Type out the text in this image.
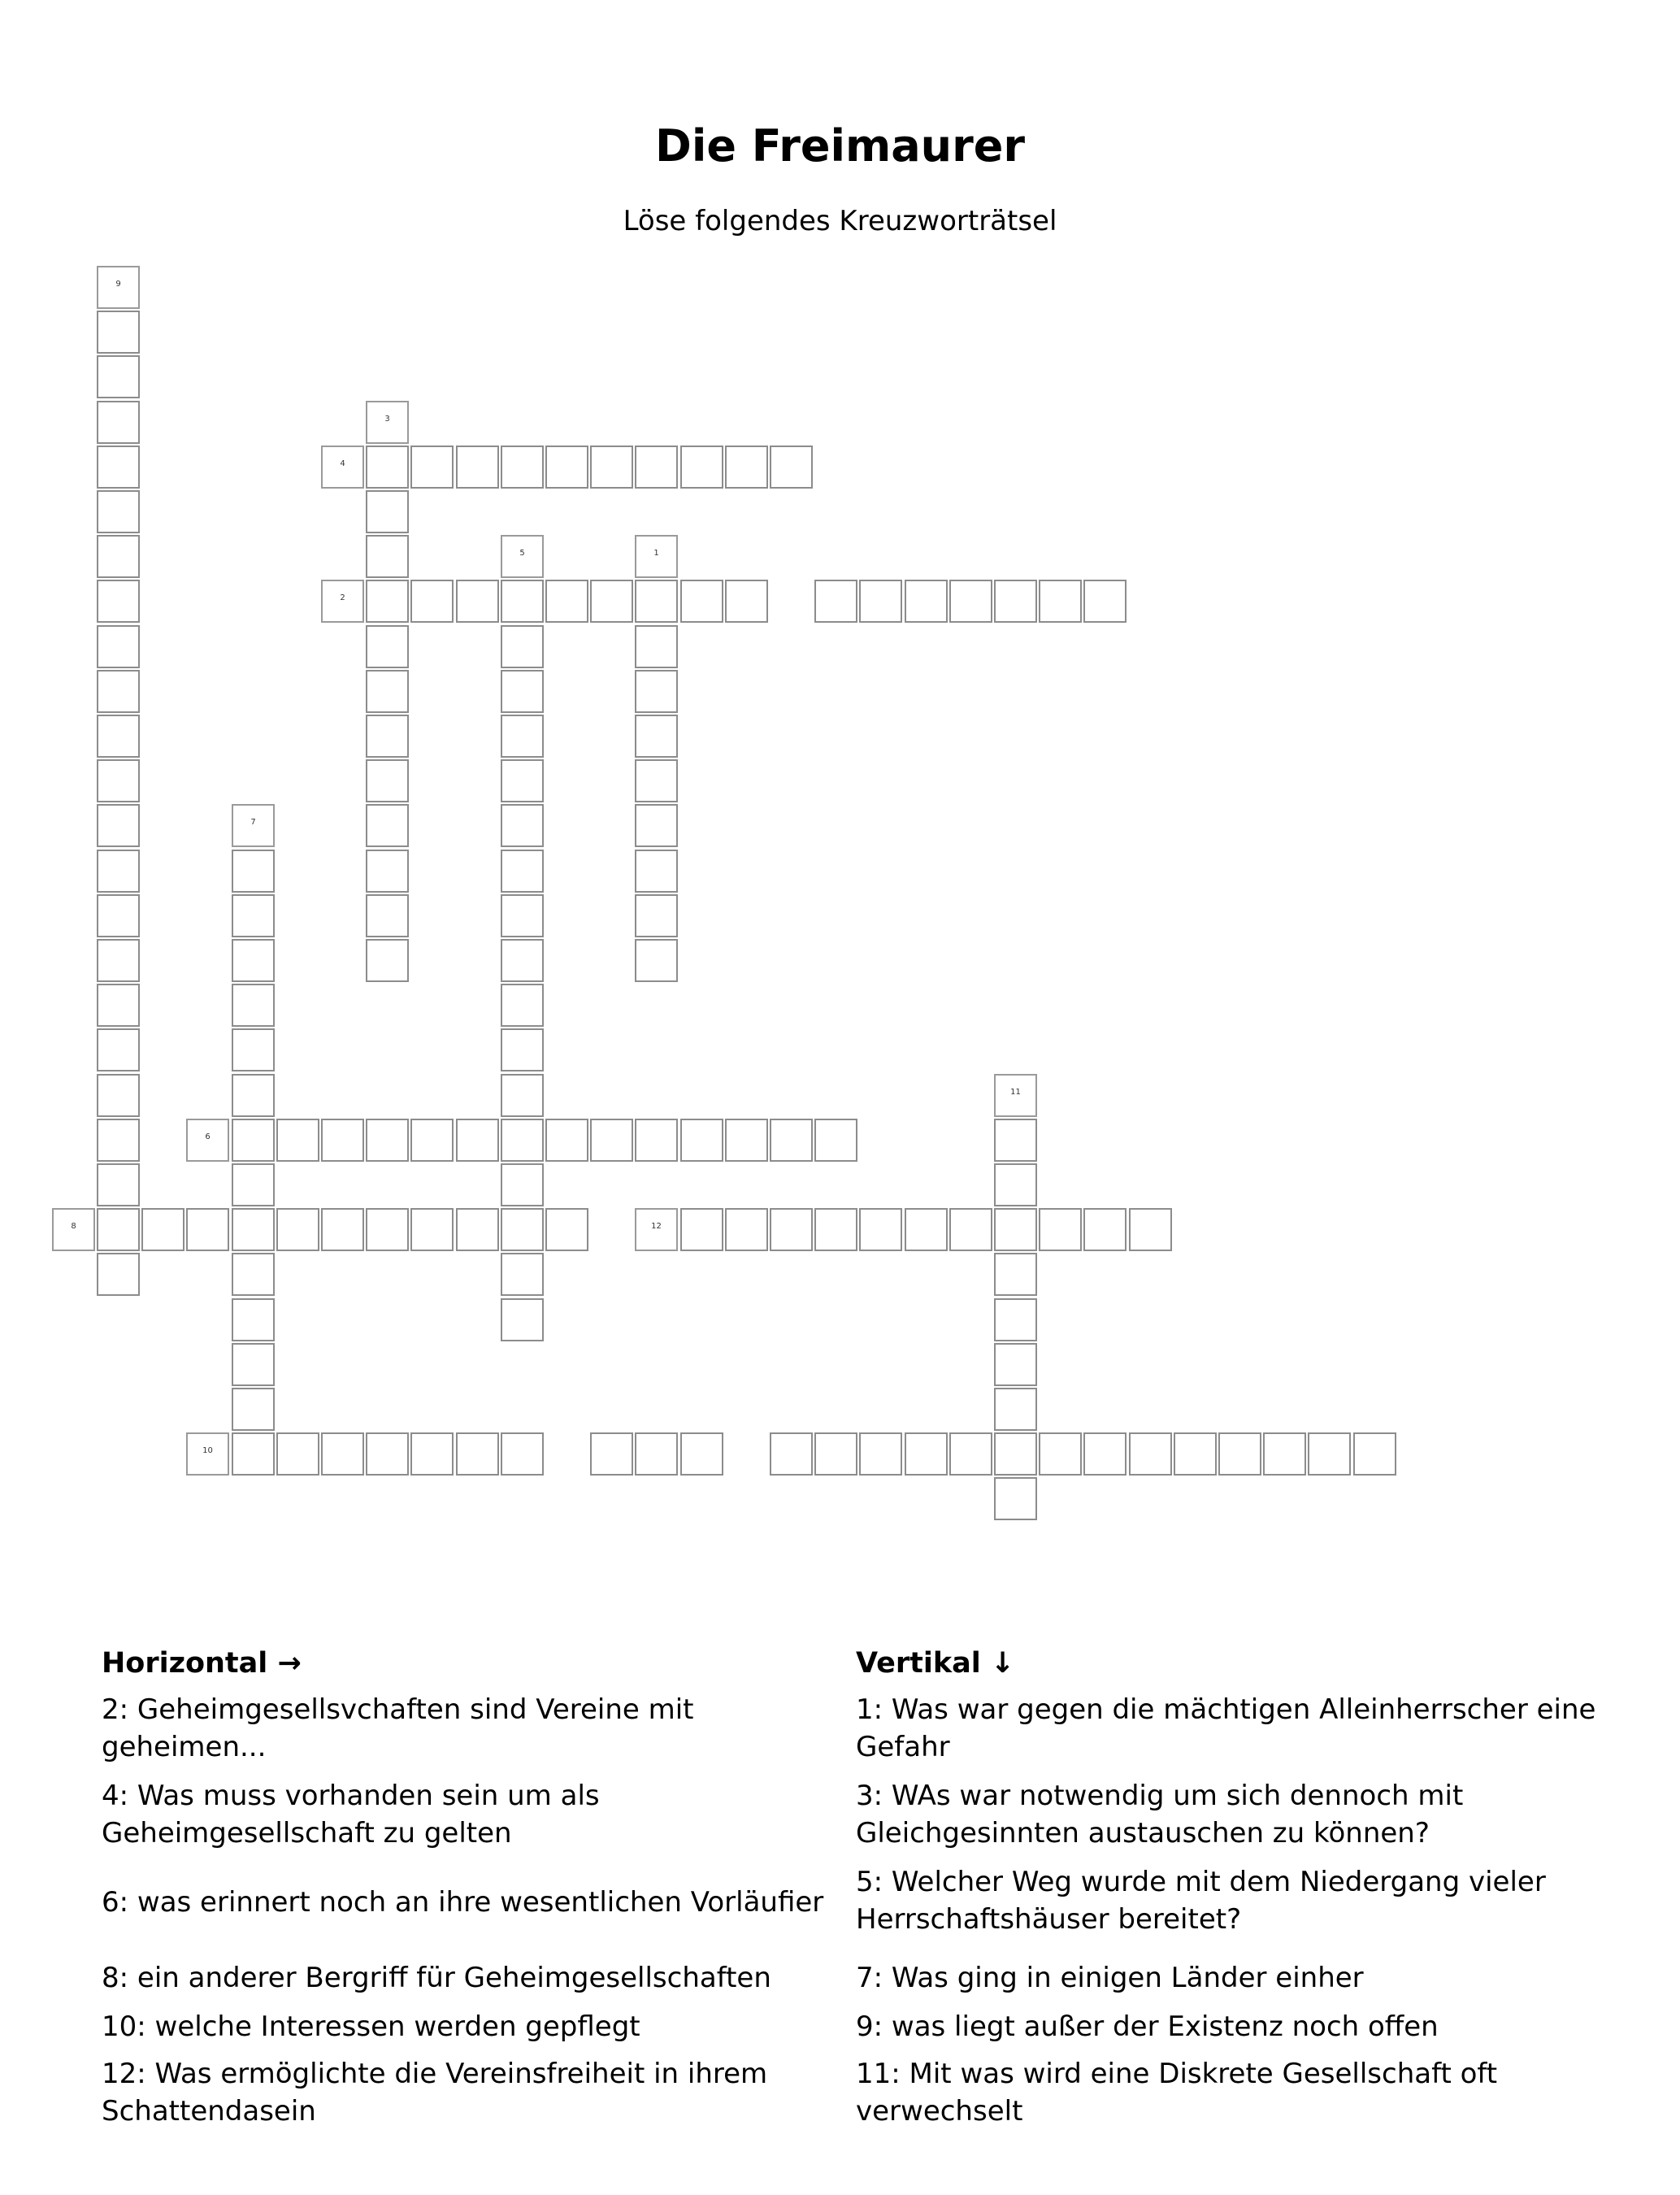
Die Freimaurer
Löse folgendes Kreuzworträtsel
9
3
5	1
7
6
8	12
11
10
4
2
Horizontal →
2: Geheimgesellsvchaften sind Vereine mit geheimen...
4: Was muss vorhanden sein um als Geheimgesellschaft zu gelten
6: was erinnert noch an ihre wesentlichen Vorläufier
8: ein anderer Bergriff für Geheimgesellschaften
10: welche Interessen werden gepflegt
12: Was ermöglichte die Vereinsfreiheit in ihrem Schattendasein
Vertikal ↓
1: Was war gegen die mächtigen Alleinherrscher eine Gefahr
3: WAs war notwendig um sich dennoch mit Gleichgesinnten austauschen zu können?
5: Welcher Weg wurde mit dem Niedergang vieler Herrschaftshäuser bereitet?
7: Was ging in einigen Länder einher
9: was liegt außer der Existenz noch offen
11: Mit was wird eine Diskrete Gesellschaft oft verwechselt
